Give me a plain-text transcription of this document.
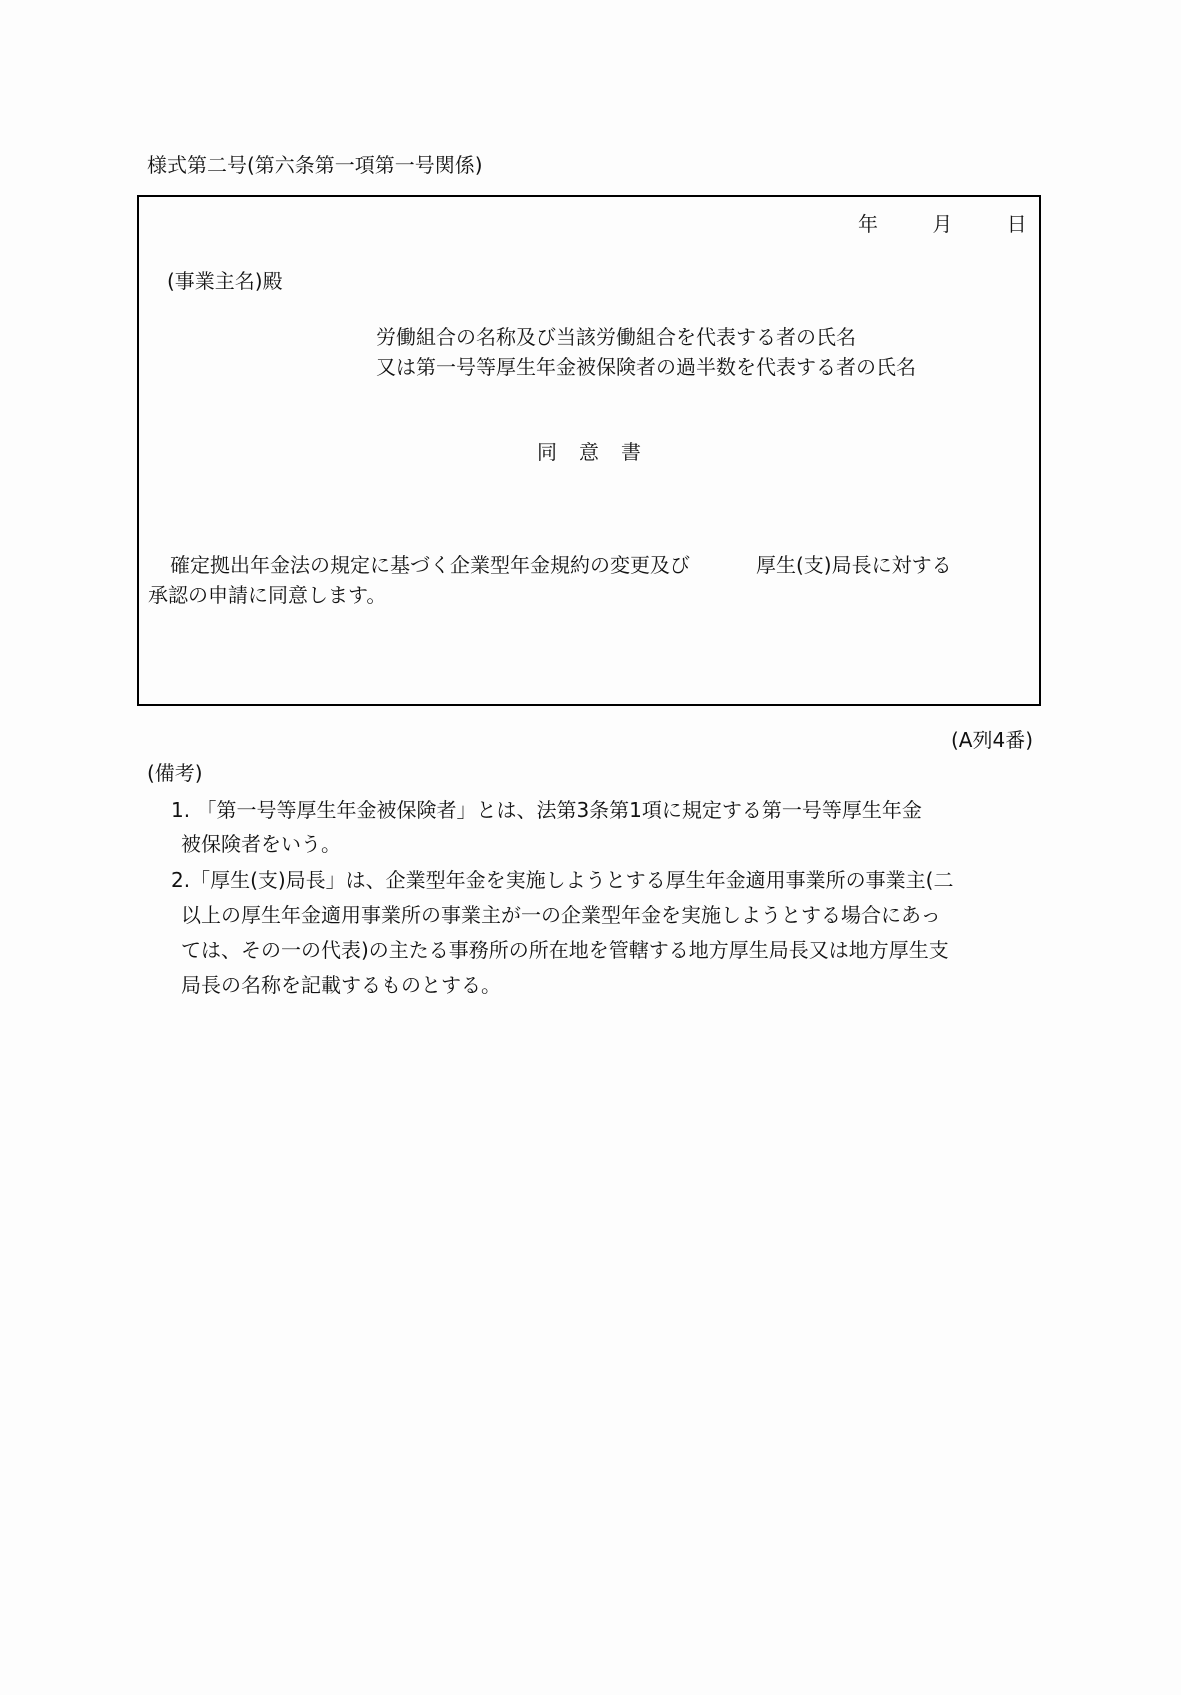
様式第二号(第六条第一項第一号関係)
年	月	日
(事業主名)殿
労働組合の名称及び当該労働組合を代表する者の氏名
又は第一号等厚生年金被保険者の過半数を代表する者の氏名
同意書
確定拠出年金法の規定に基づく企業型年金規約の変更及び	厚生(支)局長に対する
承認の申請に同意します。
(A列4番)
(備考)
1. 「第一号等厚生年金被保険者」とは、法第3条第1項に規定する第一号等厚生年金
被保険者をいう。
2.「厚生(支)局長」は、企業型年金を実施しようとする厚生年金適用事業所の事業主(二
以上の厚生年金適用事業所の事業主が一の企業型年金を実施しようとする場合にあっ
ては、その一の代表)の主たる事務所の所在地を管轄する地方厚生局長又は地方厚生支
局長の名称を記載するものとする。
